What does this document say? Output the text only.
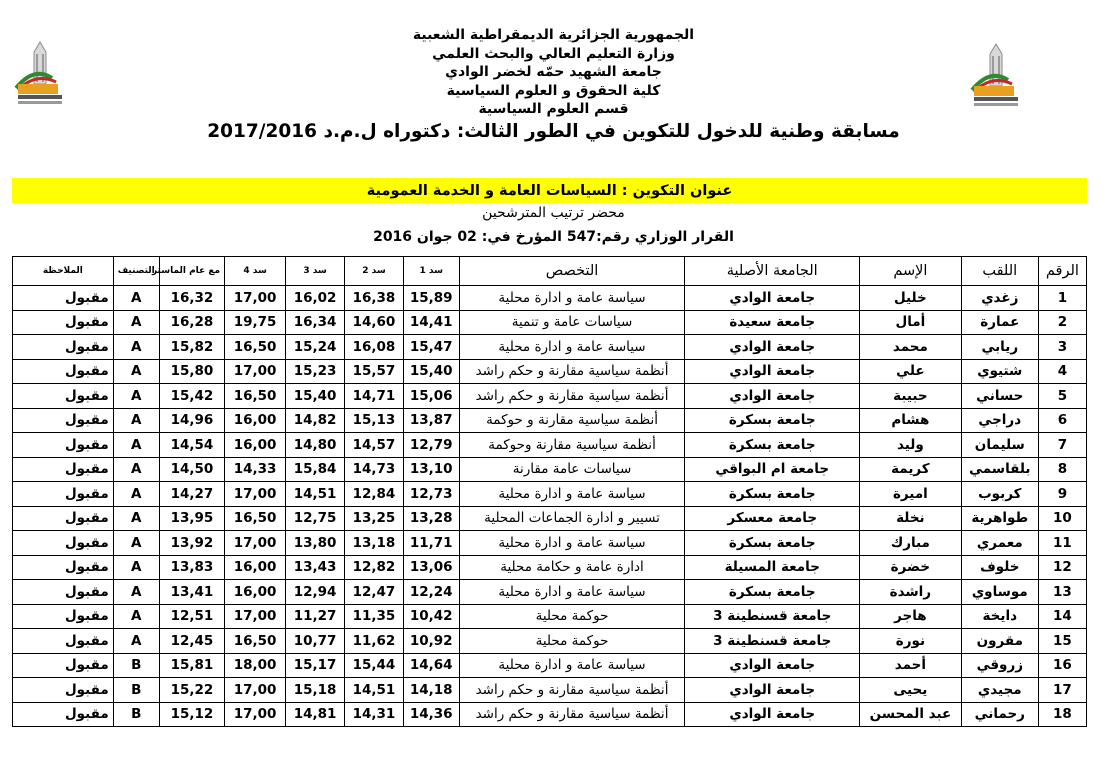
الجمهورية الجزائرية الديمقراطية الشعبية
وزارة التعليم العالي والبحث العلمي
جامعة الشهيد حمّه لخضر الوادي
كلية الحقوق و العلوم السياسية
قسم العلوم السياسية
مسابقة وطنية للدخول للتكوين في الطور الثالث: دكتوراه ل.م.د 2017/2016
عنوان التكوين : السياسات العامة و الخدمة العمومية
محضر ترتيب المترشحين
القرار الوزاري رقم:547 المؤرخ في: 02 جوان 2016
الرقم	اللقب	الإسم	الجامعة الأصلية	التخصص	سد 1	سد 2	سد 3	سد 4	مع عام الماستر	التصنيف	الملاحظة
1	زغدي	خليل	جامعة الوادي	سياسة عامة و ادارة محلية	15,89	16,38	16,02	17,00	16,32	A	مقبول
2	عمارة	أمال	جامعة سعيدة	سياسات عامة و تنمية	14,41	14,60	16,34	19,75	16,28	A	مقبول
3	ريابي	محمد	جامعة الوادي	سياسة عامة و ادارة محلية	15,47	16,08	15,24	16,50	15,82	A	مقبول
4	شتيوي	علي	جامعة الوادي	أنظمة سياسية مقارنة و حكم راشد	15,40	15,57	15,23	17,00	15,80	A	مقبول
5	حساني	حبيبة	جامعة الوادي	أنظمة سياسية مقارنة و حكم راشد	15,06	14,71	15,40	16,50	15,42	A	مقبول
6	دراجي	هشام	جامعة بسكرة	أنظمة سياسية مقارنة و حوكمة	13,87	15,13	14,82	16,00	14,96	A	مقبول
7	سليمان	وليد	جامعة بسكرة	أنظمة سياسية مقارنة وحوكمة	12,79	14,57	14,80	16,00	14,54	A	مقبول
8	بلقاسمي	كريمة	جامعة ام البواقي	سياسات عامة مقارنة	13,10	14,73	15,84	14,33	14,50	A	مقبول
9	كربوب	اميرة	جامعة بسكرة	سياسة عامة و ادارة محلية	12,73	12,84	14,51	17,00	14,27	A	مقبول
10	طواهرية	نخلة	جامعة معسكر	تسيير و ادارة الجماعات المحلية	13,28	13,25	12,75	16,50	13,95	A	مقبول
11	معمري	مبارك	جامعة بسكرة	سياسة عامة و ادارة محلية	11,71	13,18	13,80	17,00	13,92	A	مقبول
12	خلوف	خضرة	جامعة المسيلة	ادارة عامة و حكامة محلية	13,06	12,82	13,43	16,00	13,83	A	مقبول
13	موساوي	راشدة	جامعة بسكرة	سياسة عامة و ادارة محلية	12,24	12,47	12,94	16,00	13,41	A	مقبول
14	دايخة	هاجر	جامعة قسنطينة 3	حوكمة محلية	10,42	11,35	11,27	17,00	12,51	A	مقبول
15	مقرون	نورة	جامعة قسنطينة 3	حوكمة محلية	10,92	11,62	10,77	16,50	12,45	A	مقبول
16	زروقي	أحمد	جامعة الوادي	سياسة عامة و ادارة محلية	14,64	15,44	15,17	18,00	15,81	B	مقبول
17	مجيدي	يحيى	جامعة الوادي	أنظمة سياسية مقارنة و حكم راشد	14,18	14,51	15,18	17,00	15,22	B	مقبول
18	رحماني	عبد المحسن	جامعة الوادي	أنظمة سياسية مقارنة و حكم راشد	14,36	14,31	14,81	17,00	15,12	B	مقبول
